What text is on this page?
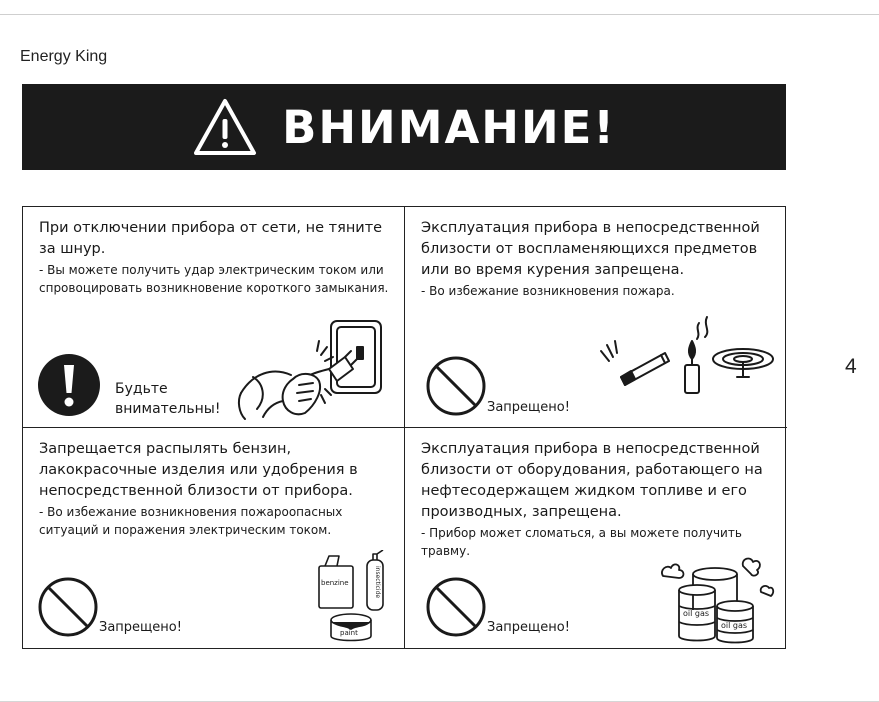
Energy King
ВНИМАНИЕ!
4
При отключении прибора от сети, не тяните за шнур.
- Вы можете получить удар электрическим током или спровоцировать возникновение короткого замыкания.
Будьте
внимательны!
Эксплуатация прибора в непосредственной близости от воспламеняющихся предметов или во время курения запрещена.
- Во избежание возникновения пожара.
Запрещено!
Запрещается распылять бензин, лакокрасочные изделия или удобрения в непосредственной близости от прибора.
- Во избежание возникновения пожароопасных ситуаций и поражения электрическим током.
Запрещено!
benzine	insecticide
paint
Эксплуатация прибора в непосредственной близости от оборудования, работающего на нефтесодержащем жидком топливе и его производных, запрещена.
- Прибор может сломаться, а вы можете получить травму.
Запрещено!
oil gas
oil gas
